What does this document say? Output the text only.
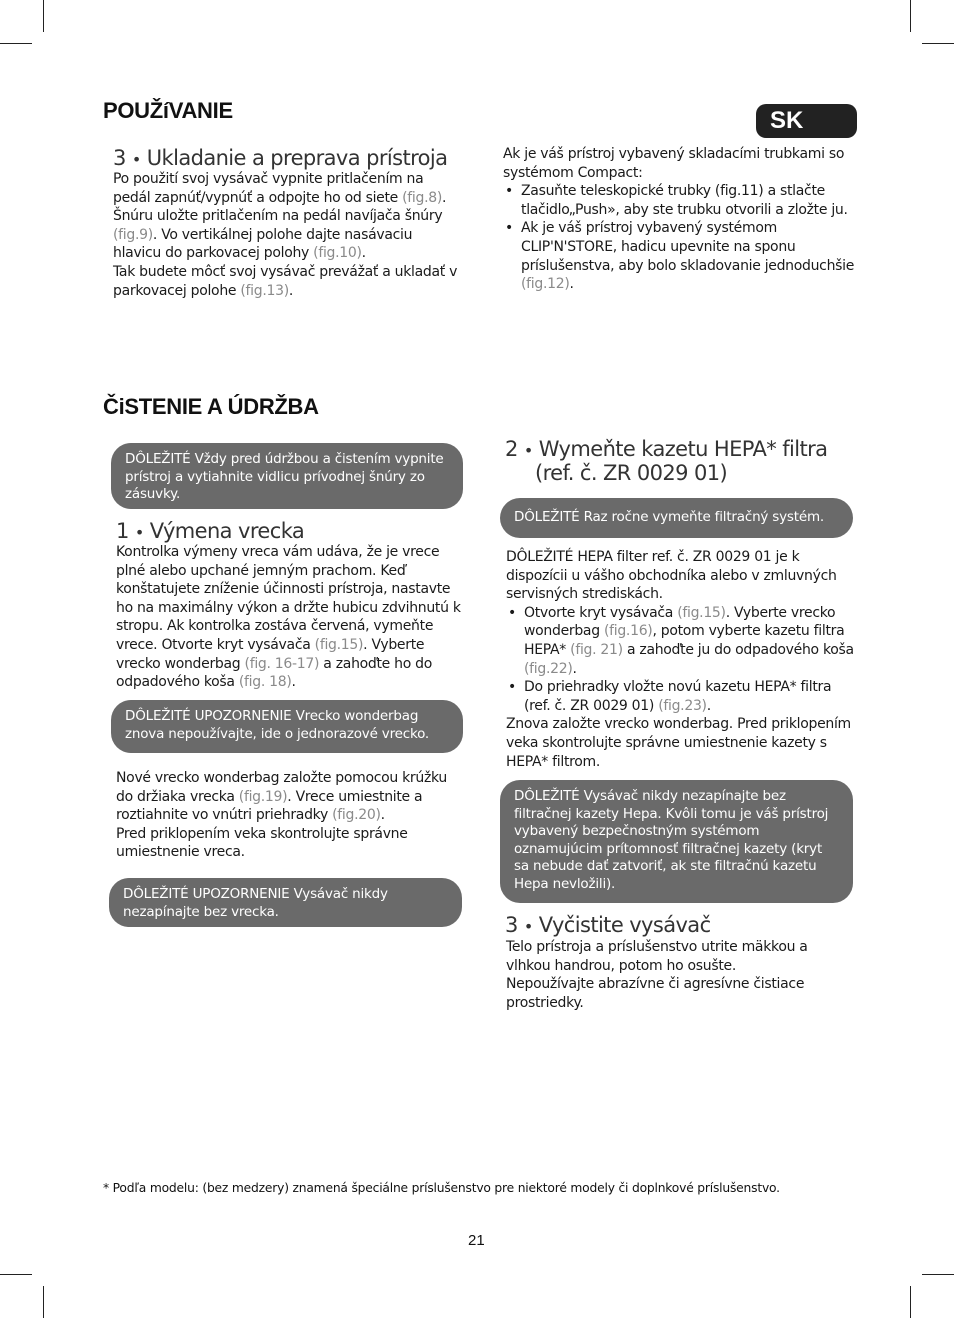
POUŽíVANIE	SK
3 • Ukladanie a preprava prístroja

Po použití svoj vysávač vypnite pritlačením na pedál zapnúť/vypnúť a odpojte ho od siete (fig.8).

Šnúru uložte pritlačením na pedál navíjača šnúry (fig.9). Vo vertikálnej polohe dajte nasávaciu hlavicu do parkovacej polohy (fig.10).

Tak budete môcť svoj vysávač prevážať a ukladať v parkovacej polohe (fig.13).

Ak je váš prístroj vybavený skladacími trubkami so systémom Compact:

• Zasuňte teleskopické trubky (fig.11) a stlačte tlačidlo„Push», aby ste trubku otvorili a zložte ju.
• Ak je váš prístroj vybavený systémom CLIP'N'STORE, hadicu upevnite na sponu príslušenstva, aby bolo skladovanie jednoduchšie (fig.12).
ČiSTENIE A ÚDRŽBA
DÔLEŽITÉ Vždy pred údržbou a čistením vypnite prístroj a vytiahnite vidlicu prívodnej šnúry zo zásuvky.
1 • Výmena vrecka

Kontrolka výmeny vreca vám udáva, že je vrece plné alebo upchané jemným prachom. Keď konštatujete zníženie účinnosti prístroja, nastavte ho na maximálny výkon a držte hubicu zdvihnutú k stropu. Ak kontrolka zostáva červená, vymeňte vrece. Otvorte kryt vysávača (fig.15). Vyberte vrecko wonderbag (fig. 16-17) a zahoďte ho do odpadového koša (fig. 18).

DÔLEŽITÉ UPOZORNENIE Vrecko wonderbag znova nepoužívajte, ide o jednorazové vrecko.

Nové vrecko wonderbag založte pomocou krúžku do držiaka vrecka (fig.19). Vrece umiestnite a roztiahnite vo vnútri priehradky (fig.20).

Pred priklopením veka skontrolujte správne umiestnenie vreca.

DÔLEŽITÉ UPOZORNENIE Vysávač nikdy nezapínajte bez vrecka.
2 • Wymeňte kazetu HEPA* filtra
(ref. č. ZR 0029 01)
DÔLEŽITÉ Raz ročne vymeňte filtračný systém.

DÔLEŽITÉ HEPA filter ref. č. ZR 0029 01 je k dispozícii u vášho obchodníka alebo v zmluvných servisných strediskách.

• Otvorte kryt vysávača (fig.15). Vyberte vrecko wonderbag (fig.16), potom vyberte kazetu filtra HEPA* (fig. 21) a zahoďte ju do odpadového koša (fig.22).
• Do priehradky vložte novú kazetu HEPA* filtra (ref. č. ZR 0029 01) (fig.23).

Znova založte vrecko wonderbag. Pred priklopením veka skontrolujte správne umiestnenie kazety s HEPA* filtrom.

DÔLEŽITÉ Vysávač nikdy nezapínajte bez filtračnej kazety Hepa. Kvôli tomu je váš prístroj vybavený bezpečnostným systémom oznamujúcim prítomnosť filtračnej kazety (kryt sa nebude dať zatvoriť, ak ste filtračnú kazetu Hepa nevložili).
3 • Vyčistite vysávač

Telo prístroja a príslušenstvo utrite mäkkou a vlhkou handrou, potom ho osušte.

Nepoužívajte abrazívne či agresívne čistiace prostriedky.

* Podľa modelu: (bez medzery) znamená špeciálne príslušenstvo pre niektoré modely či doplnkové príslušenstvo.
21
